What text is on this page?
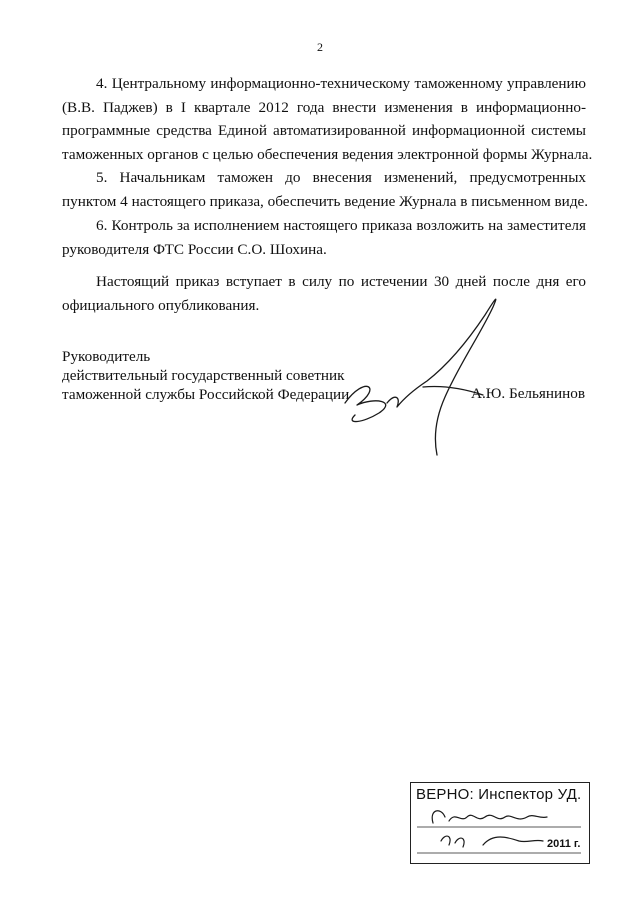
2
4. Центральному информационно-техническому таможенному управлению
(В.В. Паджев) в I квартале 2012 года внести изменения в информационно-
программные средства Единой автоматизированной информационной системы
таможенных органов с целью обеспечения ведения электронной формы Журнала.
5. Начальникам таможен до внесения изменений, предусмотренных
пунктом 4 настоящего приказа, обеспечить ведение Журнала в письменном виде.
6. Контроль за исполнением настоящего приказа возложить на заместителя
руководителя ФТС России С.О. Шохина.
Настоящий приказ вступает в силу по истечении 30 дней после дня его
официального опубликования.
Руководитель
действительный государственный советник
таможенной службы Российской Федерации	А.Ю. Бельянинов
ВЕРНО: Инспектор УД.
2011 г.
